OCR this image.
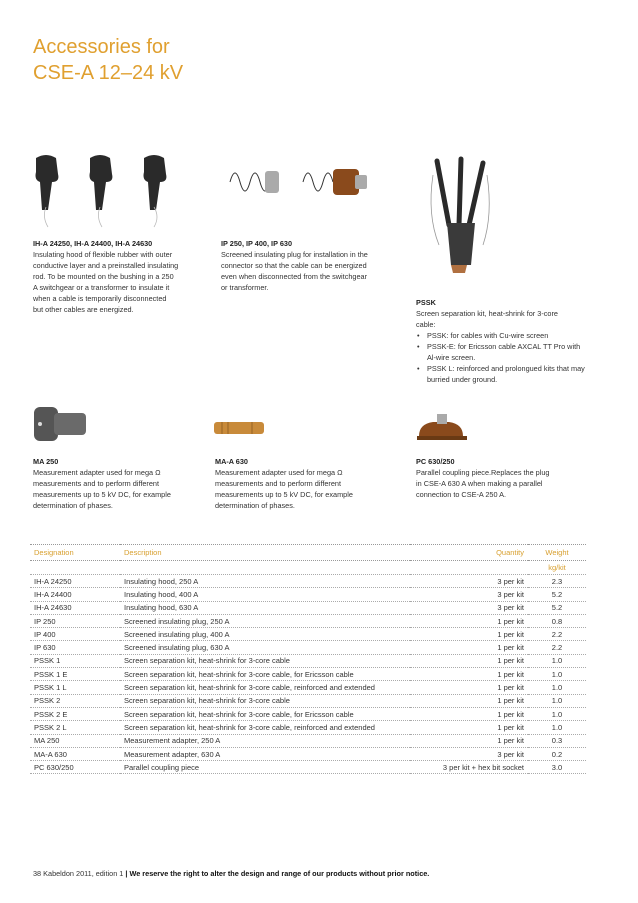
Accessories for
CSE-A 12–24 kV
IH-A 24250, IH-A 24400, IH-A 24630
Insulating hood of flexible rubber with outer
conductive layer and a preinstalled insulating
rod. To be mounted on the bushing in a 250
A switchgear or a transformer to insulate it
when a cable is temporarily disconnected
but other cables are energized.
IP 250, IP 400, IP 630
Screened insulating plug for installation in the
connector so that the cable can be energized
even when disconnected from the switchgear
or transformer.
PSSK
Screen separation kit, heat-shrink for 3-core
cable:
• PSSK: for cables with Cu-wire screen
• PSSK-E: for Ericsson cable AXCAL TT Pro with Al-wire screen.
• PSSK L: reinforced and prolongued kits that may burried under ground.
MA 250
Measurement adapter used for mega Ω
measurements and to perform different
measurements up to 5 kV DC, for example
determination of phases.
MA-A 630
Measurement adapter used for mega Ω
measurements and to perform different
measurements up to 5 kV DC, for example
determination of phases.
PC 630/250
Parallel coupling piece.Replaces the plug
in CSE-A 630 A when making a parallel
connection to CSE-A 250 A.
Designation	Description	Quantity	Weight
			kg/kit
IH-A 24250	Insulating hood, 250 A	3 per kit	2.3
IH-A 24400	Insulating hood, 400 A	3 per kit	5.2
IH-A 24630	Insulating hood, 630 A	3 per kit	5.2
IP 250	Screened insulating plug, 250 A	1 per kit	0.8
IP 400	Screened insulating plug, 400 A	1 per kit	2.2
IP 630	Screened insulating plug, 630 A	1 per kit	2.2
PSSK 1	Screen separation kit, heat-shrink for 3-core cable	1 per kit	1.0
PSSK 1 E	Screen separation kit, heat-shrink for 3-core cable, for Ericsson cable	1 per kit	1.0
PSSK 1 L	Screen separation kit, heat-shrink for 3-core cable, reinforced and extended	1 per kit	1.0
PSSK 2	Screen separation kit, heat-shrink for 3-core cable	1 per kit	1.0
PSSK 2 E	Screen separation kit, heat-shrink for 3-core cable, for Ericsson cable	1 per kit	1.0
PSSK 2 L	Screen separation kit, heat-shrink for 3-core cable, reinforced and extended	1 per kit	1.0
MA 250	Measurement adapter, 250 A	1 per kit	0.3
MA-A 630	Measurement adapter, 630 A	3 per kit	0.2
PC 630/250	Parallel coupling piece	3 per kit + hex bit socket	3.0
38 Kabeldon 2011, edition 1 | We reserve the right to alter the design and range of our products without prior notice.
